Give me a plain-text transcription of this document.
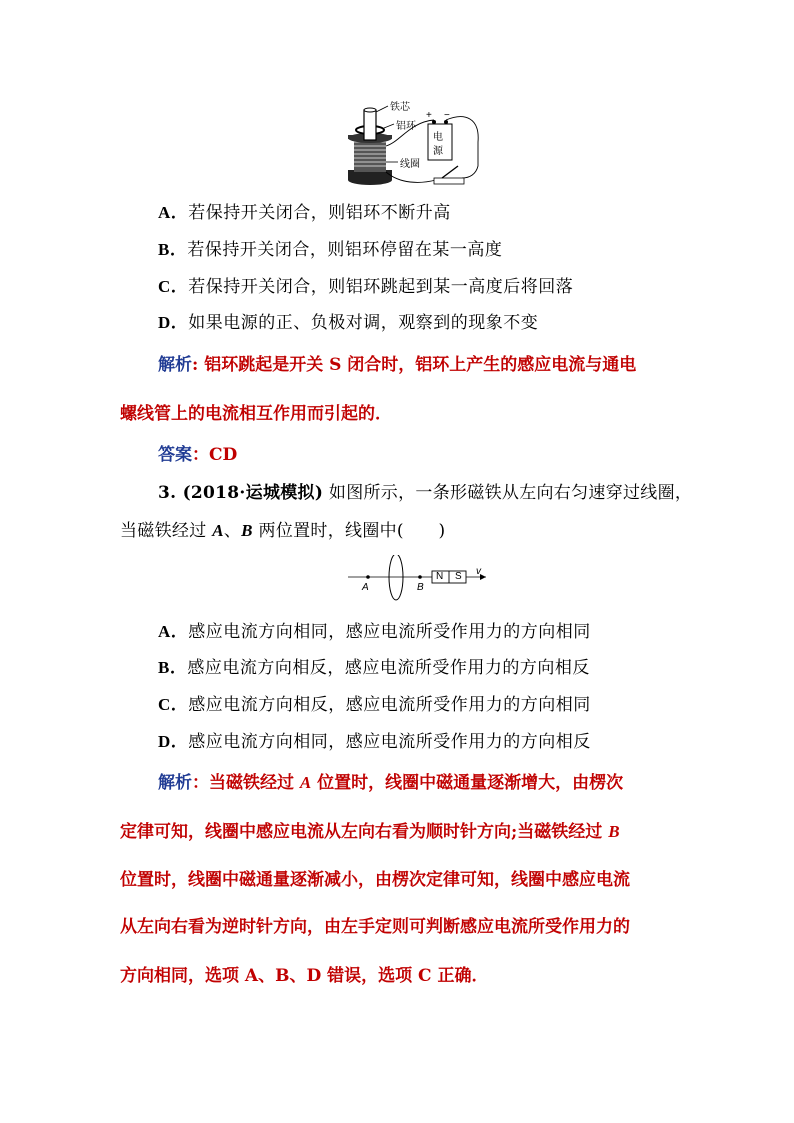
铁芯
铝环
线圈
+ −
电
源
A．若保持开关闭合，则铝环不断升高
B．若保持开关闭合，则铝环停留在某一高度
C．若保持开关闭合，则铝环跳起到某一高度后将回落
D．如果电源的正、负极对调，观察到的现象不变
解析: 铝环跳起是开关 S 闭合时，铝环上产生的感应电流与通电
螺线管上的电流相互作用而引起的．
答案：CD
3. (2018·运城模拟) 如图所示，一条形磁铁从左向右匀速穿过线圈，
当磁铁经过 A、B 两位置时，线圈中(　　)
A	B
N S v
A．感应电流方向相同，感应电流所受作用力的方向相同
B．感应电流方向相反，感应电流所受作用力的方向相反
C．感应电流方向相反，感应电流所受作用力的方向相同
D．感应电流方向相同，感应电流所受作用力的方向相反
解析：当磁铁经过 A 位置时，线圈中磁通量逐渐增大，由楞次
定律可知，线圈中感应电流从左向右看为顺时针方向;当磁铁经过 B
位置时，线圈中磁通量逐渐减小，由楞次定律可知，线圈中感应电流
从左向右看为逆时针方向，由左手定则可判断感应电流所受作用力的
方向相同，选项 A、B、D 错误，选项 C 正确．
